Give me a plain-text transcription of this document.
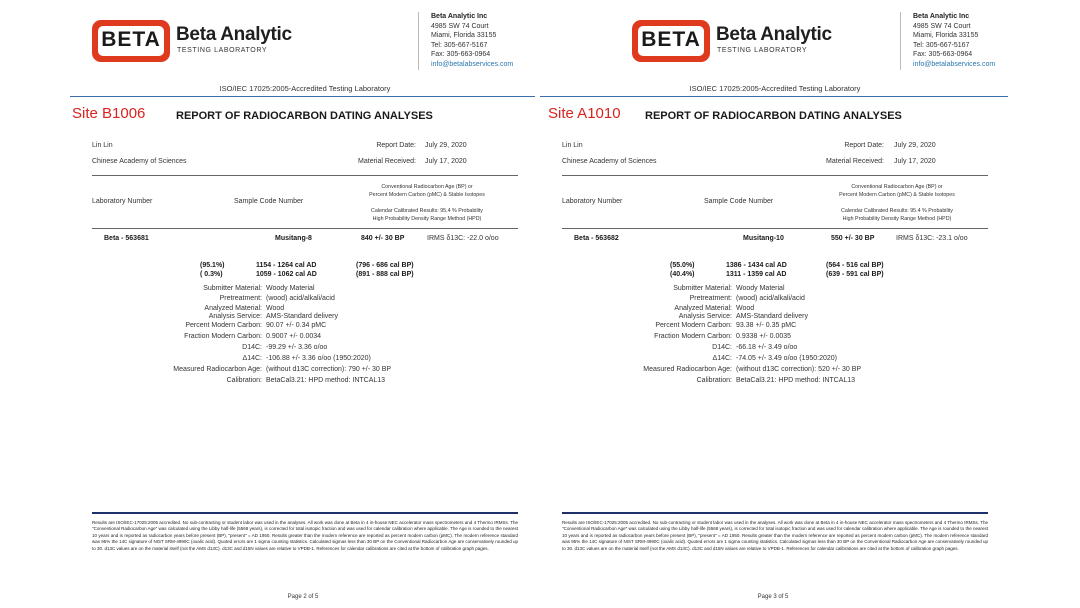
BETA Beta Analytic
TESTING LABORATORY
Beta Analytic Inc
4985 SW 74 Court
Miami, Florida 33155
Tel: 305-667-5167
Fax: 305-663-0964
info@betalabservices.com
ISO/IEC 17025:2005-Accredited Testing Laboratory
Site B1006	REPORT OF RADIOCARBON DATING ANALYSES
Lin Lin
Chinese Academy of Sciences
Report Date: July 29, 2020
Material Received: July 17, 2020
Laboratory Number	Sample Code Number
Conventional Radiocarbon Age (BP) or
Percent Modern Carbon (pMC) & Stable Isotopes
Calendar Calibrated Results: 95.4 % Probability
High Probability Density Range Method (HPD)
Beta - 563681	Musitang-8	840 +/- 30 BP	IRMS δ13C: -22.0 o/oo
(95.1%)	1154 - 1264 cal AD	(796 - 686 cal BP)
( 0.3%)	1059 - 1062 cal AD	(891 - 888 cal BP)
Submitter Material: Woody Material
Pretreatment: (wood) acid/alkali/acid
Analyzed Material: Wood
Analysis Service: AMS-Standard delivery
Percent Modern Carbon: 90.07 +/- 0.34 pMC
Fraction Modern Carbon: 0.9007 +/- 0.0034
D14C: -99.29 +/- 3.36 o/oo
Δ14C: -106.88 +/- 3.36 o/oo (1950:2020)
Measured Radiocarbon Age: (without d13C correction): 790 +/- 30 BP
Calibration: BetaCal3.21: HPD method: INTCAL13
Results are ISO/IEC-17025:2005 accredited. No sub-contracting or student labor was used in the analyses. All work was done at Beta in 4 in-house NEC accelerator mass spectrometers and 4 Thermo IRMSs. The "Conventional Radiocarbon Age" was calculated using the Libby half-life (5568 years), is corrected for total isotopic fraction and was used for calendar calibration where applicable. The Age is rounded to the nearest 10 years and is reported as radiocarbon years before present (BP), "present" = AD 1950. Results greater than the modern reference are reported as percent modern carbon (pMC). The modern reference standard was 95% the 14C signature of NIST SRM-4990C (oxalic acid). Quoted errors are 1 sigma counting statistics. Calculated sigmas less than 30 BP on the Conventional Radiocarbon Age are conservatively rounded up to 30. d13C values are on the material itself (not the AMS d13C). d13C and d15N values are relative to VPDB-1. References for calendar calibrations are cited at the bottom of calibration graph pages.
Page 2 of 5
BETA Beta Analytic
TESTING LABORATORY
Beta Analytic Inc
4985 SW 74 Court
Miami, Florida 33155
Tel: 305-667-5167
Fax: 305-663-0964
info@betalabservices.com
ISO/IEC 17025:2005-Accredited Testing Laboratory
Site A1010 REPORT OF RADIOCARBON DATING ANALYSES
Lin Lin
Chinese Academy of Sciences
Report Date: July 29, 2020
Material Received: July 17, 2020
Laboratory Number	Sample Code Number
Conventional Radiocarbon Age (BP) or
Percent Modern Carbon (pMC) & Stable Isotopes
Calendar Calibrated Results: 95.4 % Probability
High Probability Density Range Method (HPD)
Beta - 563682	Musitang-10	550 +/- 30 BP	IRMS δ13C: -23.1 o/oo
(55.0%)	1386 - 1434 cal AD	(564 - 516 cal BP)
(40.4%)	1311 - 1359 cal AD	(639 - 591 cal BP)
Submitter Material: Woody Material
Pretreatment: (wood) acid/alkali/acid
Analyzed Material: Wood
Analysis Service: AMS-Standard delivery
Percent Modern Carbon: 93.38 +/- 0.35 pMC
Fraction Modern Carbon: 0.9338 +/- 0.0035
D14C: -66.18 +/- 3.49 o/oo
Δ14C: -74.05 +/- 3.49 o/oo (1950:2020)
Measured Radiocarbon Age: (without d13C correction): 520 +/- 30 BP
Calibration: BetaCal3.21: HPD method: INTCAL13
Results are ISO/IEC-17025:2005 accredited. No sub-contracting or student labor was used in the analyses. All work was done at Beta in 4 in-house NEC accelerator mass spectrometers and 4 Thermo IRMSs. The "Conventional Radiocarbon Age" was calculated using the Libby half-life (5568 years), is corrected for total isotopic fraction and was used for calendar calibration where applicable. The Age is rounded to the nearest 10 years and is reported as radiocarbon years before present (BP), "present" = AD 1950. Results greater than the modern reference are reported as percent modern carbon (pMC). The modern reference standard was 95% the 14C signature of NIST SRM-4990C (oxalic acid). Quoted errors are 1 sigma counting statistics. Calculated sigmas less than 30 BP on the Conventional Radiocarbon Age are conservatively rounded up to 30. d13C values are on the material itself (not the AMS d13C). d13C and d15N values are relative to VPDB-1. References for calendar calibrations are cited at the bottom of calibration graph pages.
Page 3 of 5
